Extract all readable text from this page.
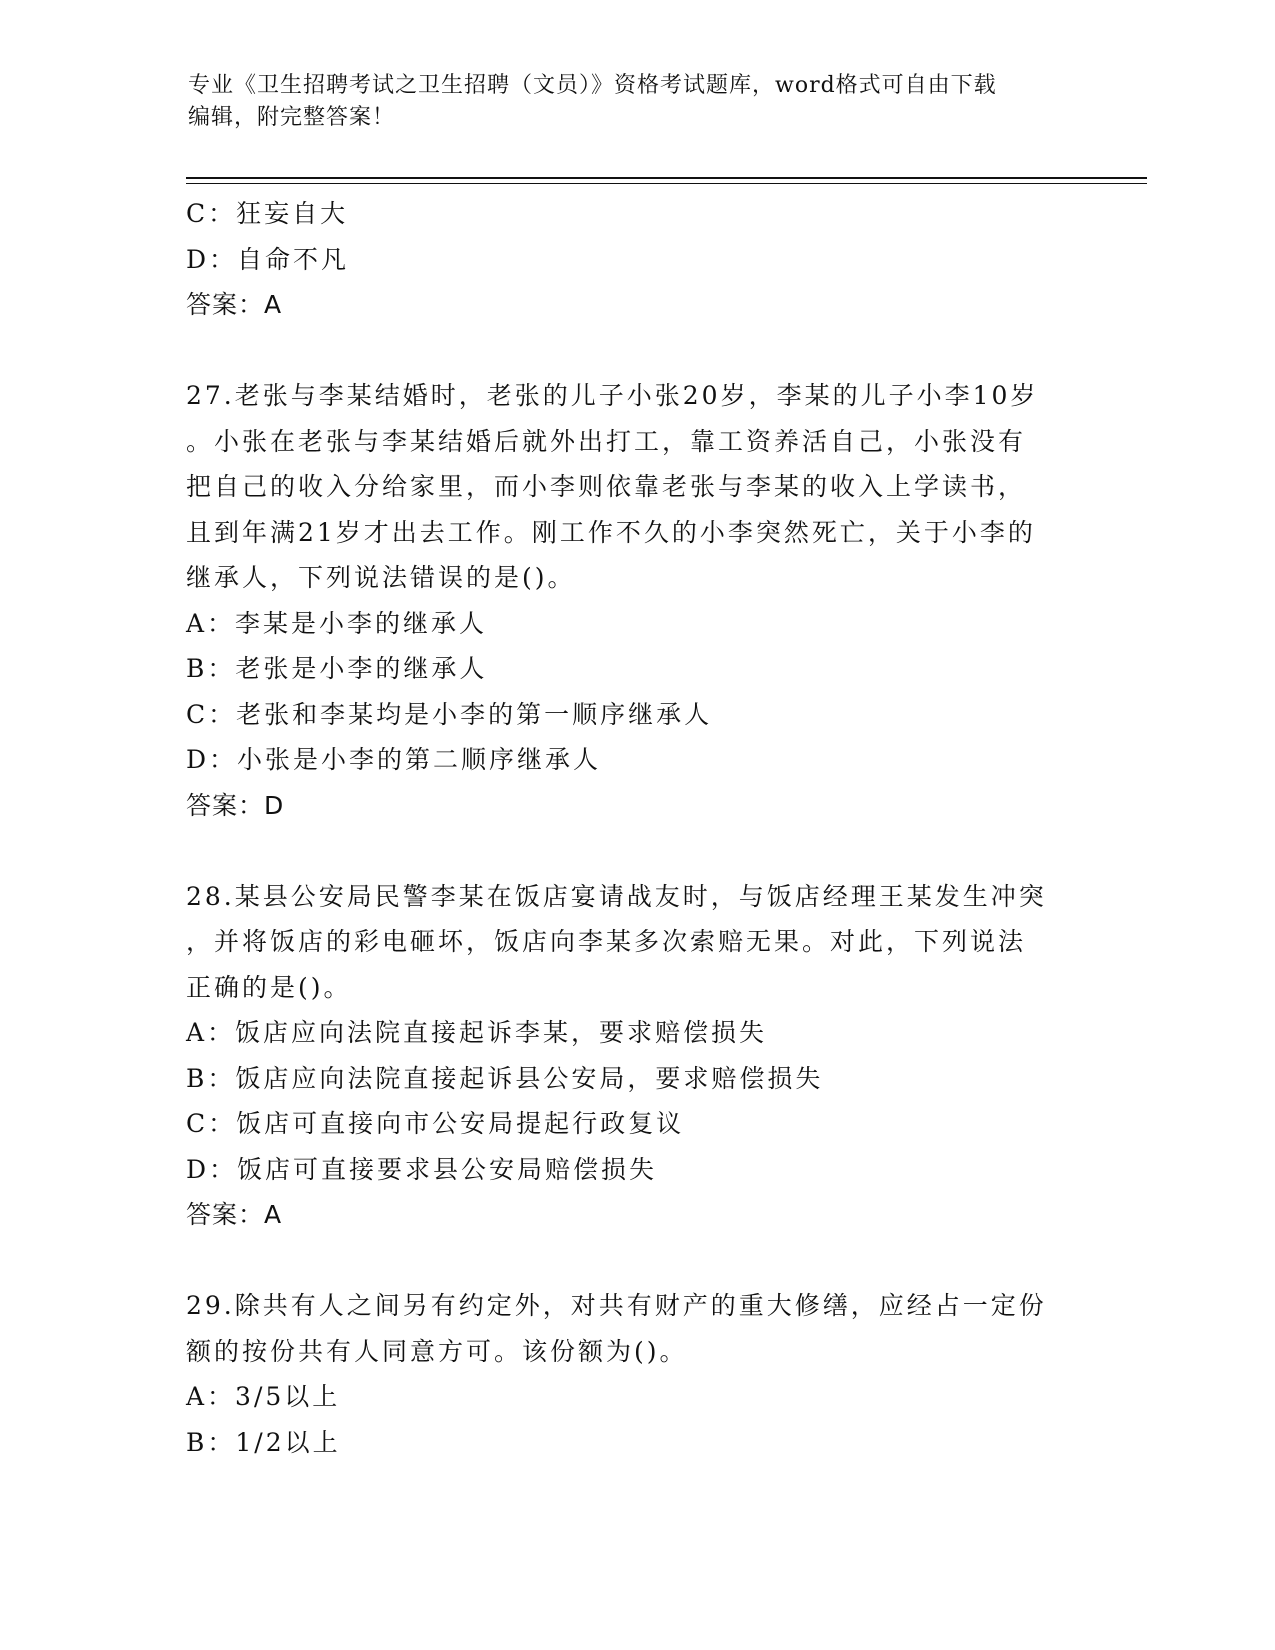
专业《卫生招聘考试之卫生招聘（文员）》资格考试题库，word格式可自由下载
编辑，附完整答案！
C：狂妄自大
D：自命不凡
答案：A
27.老张与李某结婚时，老张的儿子小张20岁，李某的儿子小李10岁
。小张在老张与李某结婚后就外出打工，靠工资养活自己，小张没有
把自己的收入分给家里，而小李则依靠老张与李某的收入上学读书，
且到年满21岁才出去工作。刚工作不久的小李突然死亡，关于小李的
继承人，下列说法错误的是()。
A：李某是小李的继承人
B：老张是小李的继承人
C：老张和李某均是小李的第一顺序继承人
D：小张是小李的第二顺序继承人
答案：D
28.某县公安局民警李某在饭店宴请战友时，与饭店经理王某发生冲突
，并将饭店的彩电砸坏，饭店向李某多次索赔无果。对此，下列说法
正确的是()。
A：饭店应向法院直接起诉李某，要求赔偿损失
B：饭店应向法院直接起诉县公安局，要求赔偿损失
C：饭店可直接向市公安局提起行政复议
D：饭店可直接要求县公安局赔偿损失
答案：A
29.除共有人之间另有约定外，对共有财产的重大修缮，应经占一定份
额的按份共有人同意方可。该份额为()。
A：3/5以上
B：1/2以上
